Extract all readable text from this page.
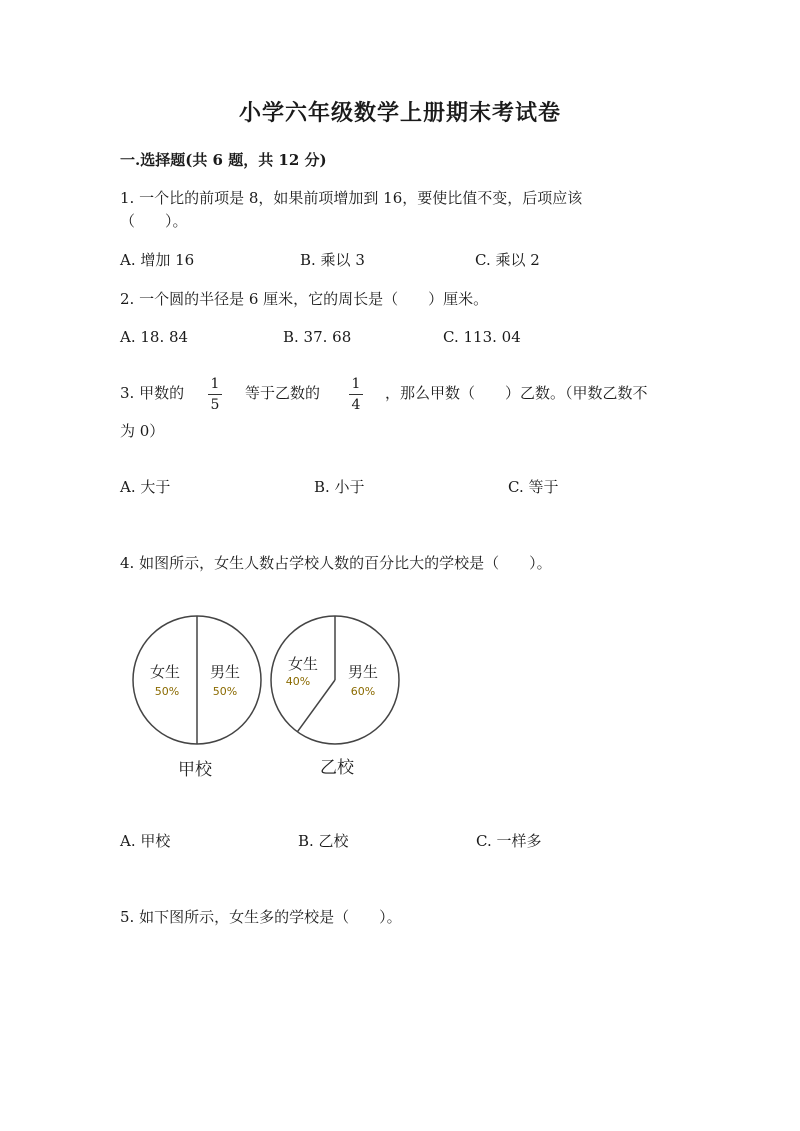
小学六年级数学上册期末考试卷
一.选择题(共 6 题，共 12 分)
1. 一个比的前项是 8，如果前项增加到 16，要使比值不变，后项应该
（　　）。
A. 增加 16	B. 乘以 3	C. 乘以 2
2. 一个圆的半径是 6 厘米，它的周长是（　　）厘米。
A. 18. 84	B. 37. 68	C. 113. 04
3. 甲数的 1
5
等于乙数的 1
4
，那么甲数（　　）乙数。（甲数乙数不
为 0）
A. 大于	B. 小于	C. 等于
4. 如图所示，女生人数占学校人数的百分比大的学校是（　　）。
女生
50%
男生
50%
甲校
女生
40%
男生
60%
乙校
A. 甲校	B. 乙校	C. 一样多
5. 如下图所示，女生多的学校是（　　）。
